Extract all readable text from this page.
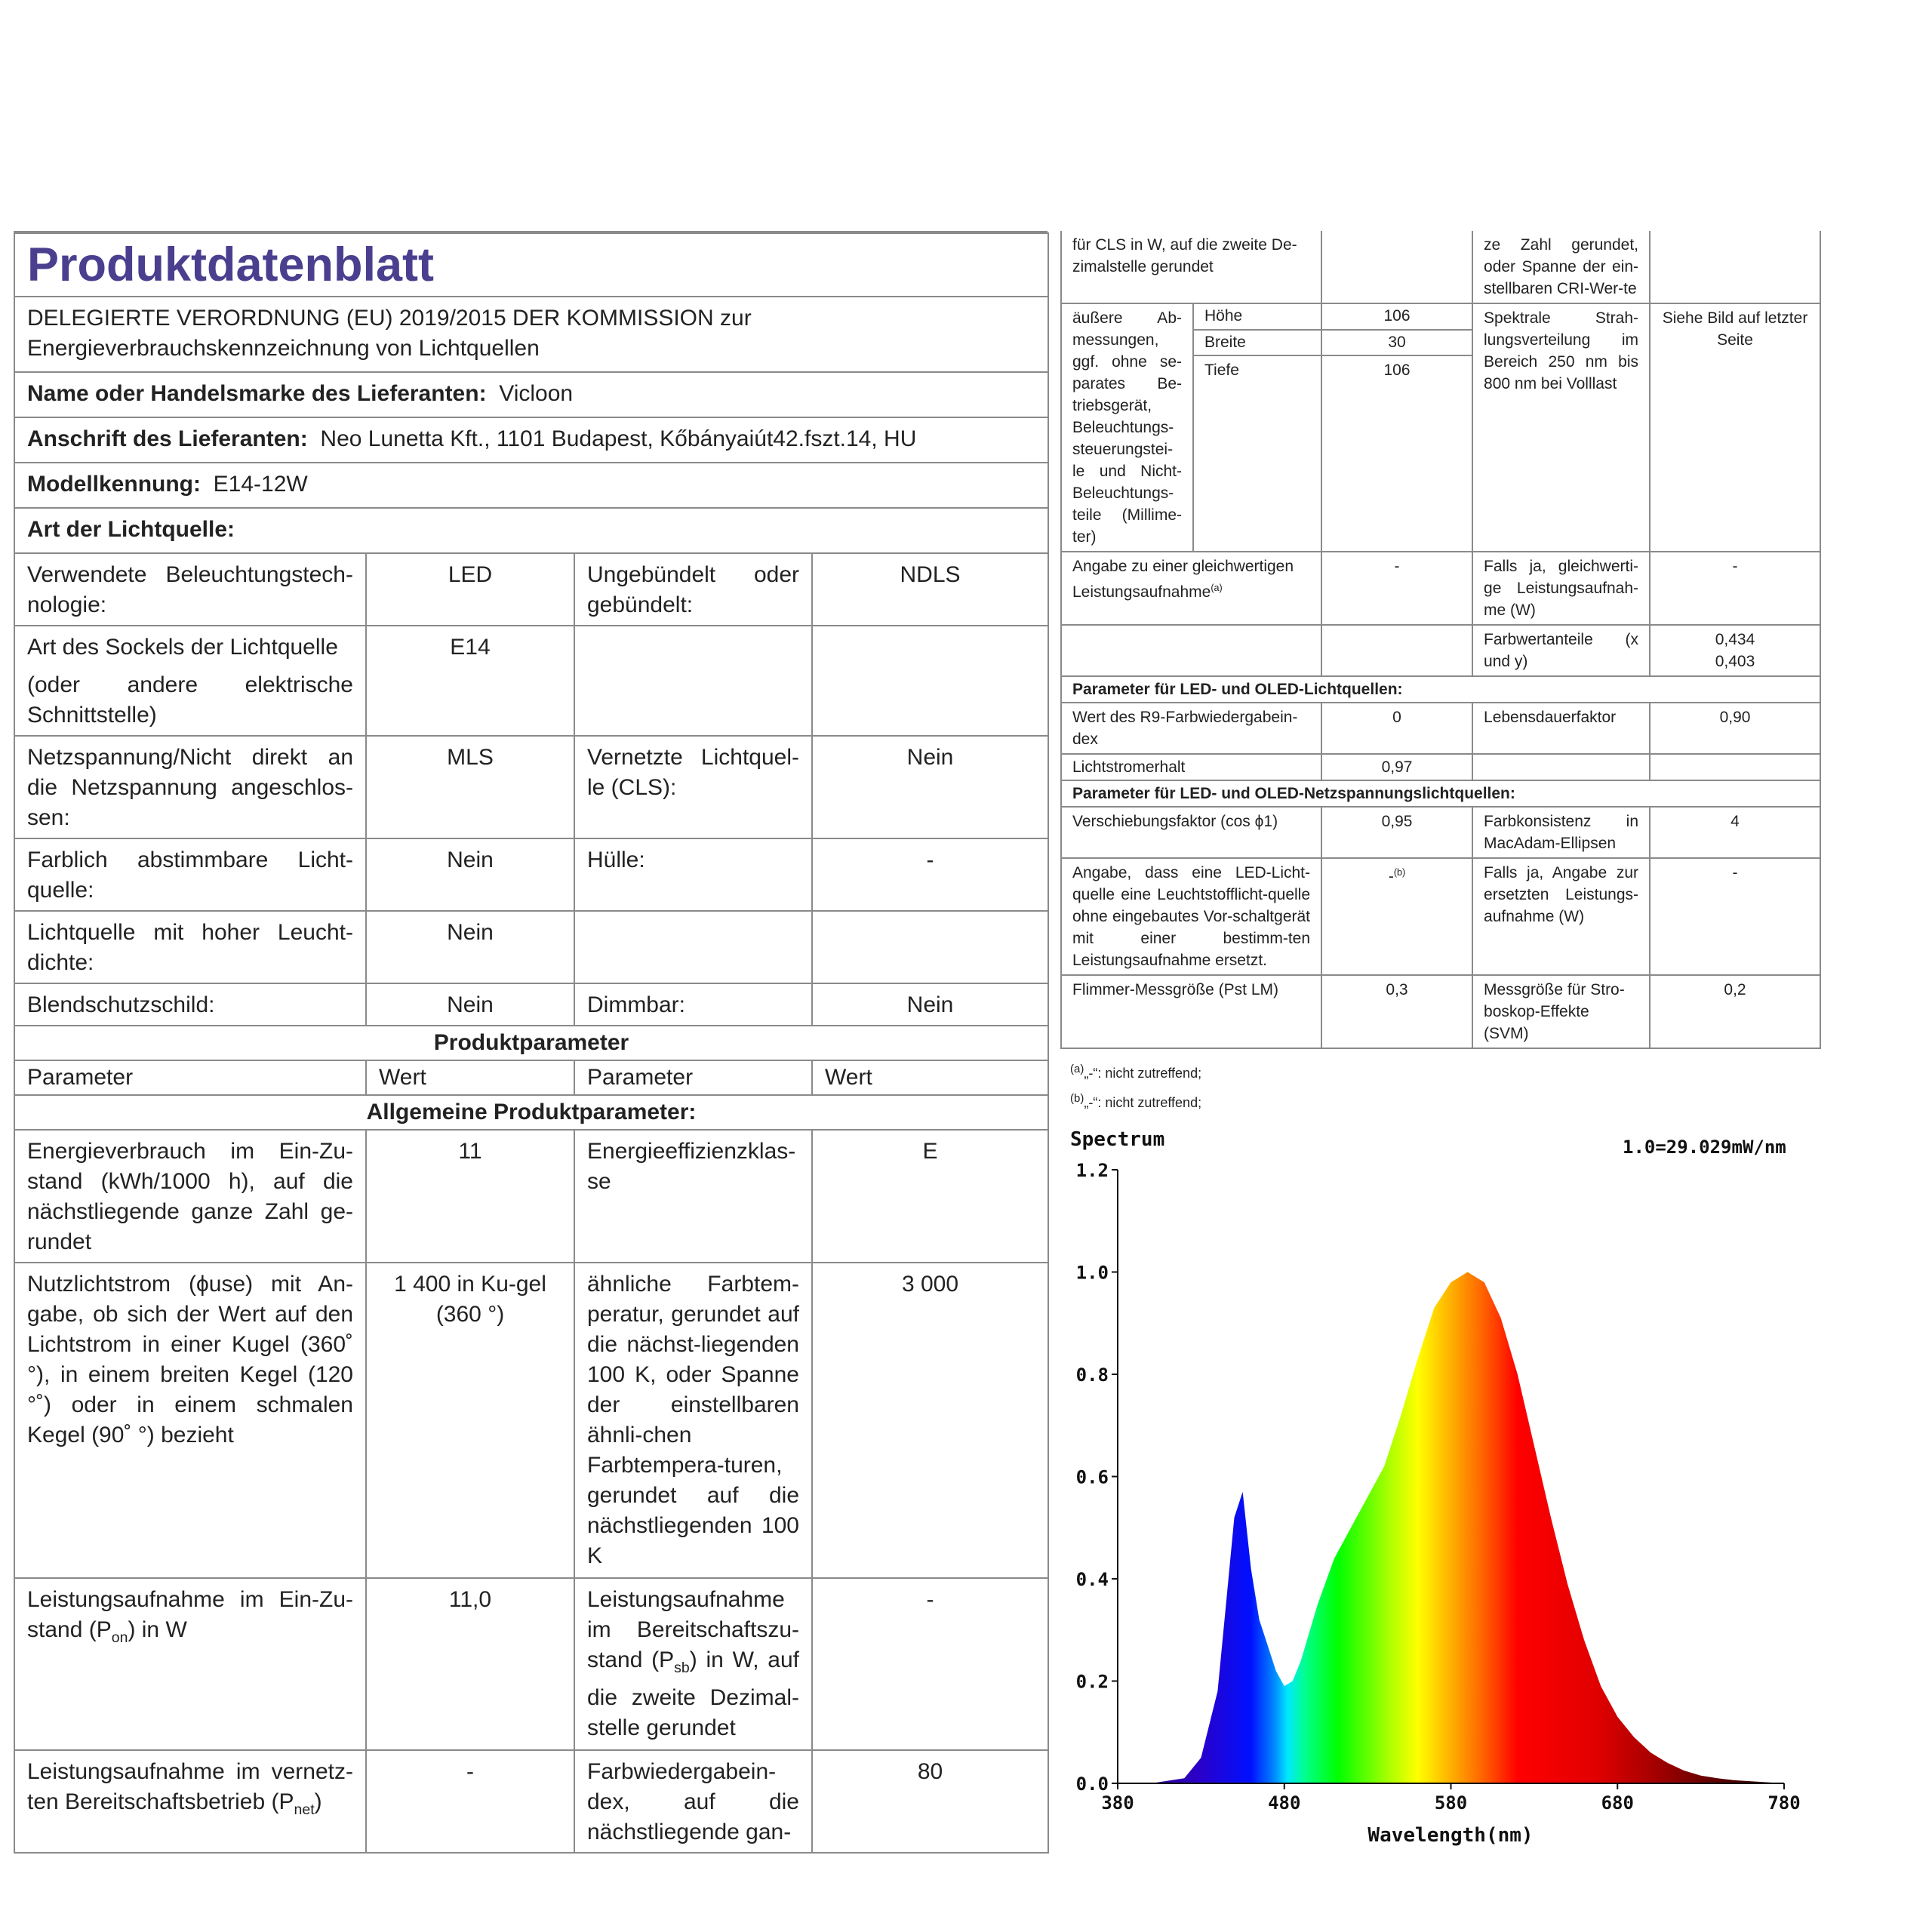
Produktdatenblatt			
DELEGIERTE VERORDNUNG (EU) 2019/2015 DER KOMMISSION zur Energieverbrauchskennzeichnung von Lichtquellen			
Name oder Handelsmarke des Lieferanten: Vicloon			
Anschrift des Lieferanten: Neo Lunetta Kft., 1101 Budapest, Kőbányaiút42.fszt.14, HU			
Modellkennung: E14-12W			
Art der Lichtquelle:			
Verwendete Beleuchtungstech-nologie:	LED	Ungebündelt oder gebündelt:	NDLS

Art des Sockels der Lichtquelle
(oder andere elektrische Schnittstelle)	E14		
Netzspannung/Nicht direkt an die Netzspannung angeschlos-sen:	MLS	Vernetzte Lichtquel-le (CLS):	Nein
Farblich abstimmbare Licht-quelle:	Nein	Hülle:	-
Lichtquelle mit hoher Leucht-dichte:	Nein		
Blendschutzschild:	Nein	Dimmbar:	Nein
Produktparameter			
Parameter	Wert	Parameter	Wert
Allgemeine Produktparameter:			
Energieverbrauch im Ein-Zu-stand (kWh/1000 h), auf die nächstliegende ganze Zahl ge-rundet	11	Energieeffizienzklas-se	E
Nutzlichtstrom (ϕuse) mit An-gabe, ob sich der Wert auf den Lichtstrom in einer Kugel (360˚ °), in einem breiten Kegel (120 °˚) oder in einem schmalen Kegel (90˚ °) bezieht	1 400 in Ku-gel (360 °)	ähnliche Farbtem-peratur, gerundet auf die nächst-liegenden 100 K, oder Spanne der einstellbaren ähnli-chen Farbtempera-turen, gerundet auf die nächstliegenden 100 K	3 000
Leistungsaufnahme im Ein-Zu-stand $(P_{on})$ in W	11,0	Leistungsaufnahme im Bereitschaftszu-stand $(P_{sb})$ in W, auf die zweite Dezimal-stelle gerundet	-
Leistungsaufnahme im vernetz-ten Bereitschaftsbetrieb $(P_{net})$	-	Farbwiedergabein-dex, auf die nächstliegende gan-	80
für CLS in W, auf die zweite De-zimalstelle gerundet			ze Zahl gerundet, oder Spanne der ein-stellbaren CRI-Wer-te	
äußere Ab-messungen, ggf. ohne se-parates Be-triebsgerät, Beleuchtungs-steuerungstei-le und Nicht-Beleuchtungs-teile (Millime-ter)	Höhe	106	Spektrale Strah-lungsverteilung im Bereich 250 nm bis 800 nm bei Volllast	Siehe Bild auf letzter Seite
	Breite	30		
	Tiefe	106		
Angabe zu einer gleichwertigen Leistungsaufnahme$^{(a)}$		-	Falls ja, gleichwerti-ge Leistungsaufnah-me (W)	-
			Farbwertanteile (x und y)	0,434
0,403

Parameter für LED- und OLED-Lichtquellen:				
Wert des R9-Farbwiedergabein-dex		0	Lebensdauerfaktor	0,90
Lichtstromerhalt		0,97		
Parameter für LED- und OLED-Netzspannungslichtquellen:				
Verschiebungsfaktor (cos ϕ1)		0,95	Farbkonsistenz in MacAdam-Ellipsen	4
Angabe, dass eine LED-Licht-quelle eine Leuchtstofflicht-quelle ohne eingebautes Vor-schaltgerät mit einer bestimm-ten Leistungsaufnahme ersetzt.		-$^{(b)}$	Falls ja, Angabe zur ersetzten Leistungs-aufnahme (W)	-
Flimmer-Messgröße (Pst LM)		0,3	Messgröße für Stro-boskop-Effekte (SVM)	0,2
$^{(a)}$„-“: nicht zutreffend;
$^{(b)}$„-“: nicht zutreffend;
Spectrum	1.0=29.029mW/nm
0.0
0.2
0.4
0.6
0.8
1.0
1.2
380	480	580	680	780
Wavelength(nm)
